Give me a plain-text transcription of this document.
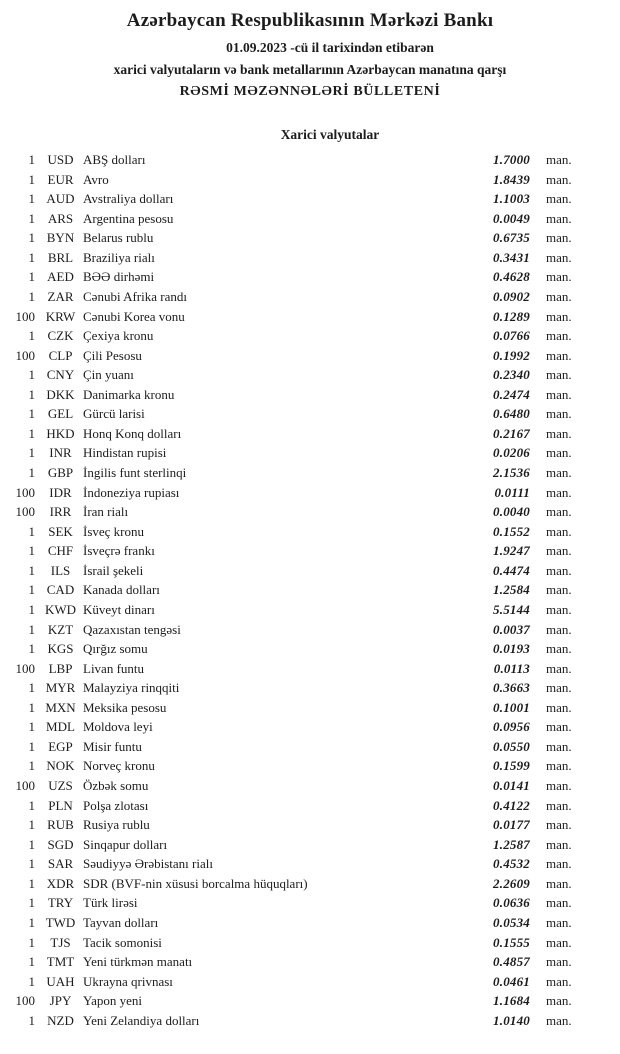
Azərbaycan Respublikasının Mərkəzi Bankı
01.09.2023 -cü il tarixindən etibarən
xarici valyutaların və bank metallarının Azərbaycan manatına qarşı
RƏSMİ MƏZƏNNƏLƏRİ BÜLLETENİ
Xarici valyutalar
1 USD ABŞ dolları	1.7000 man.
1 EUR Avro	1.8439 man.
1 AUD Avstraliya dolları	1.1003 man.
1 ARS Argentina pesosu	0.0049 man.
1 BYN Belarus rublu	0.6735 man.
1 BRL Braziliya rialı	0.3431 man.
1 AED BƏƏ dirhəmi	0.4628 man.
1 ZAR Cənubi Afrika randı	0.0902 man.
100 KRW Cənubi Korea vonu	0.1289 man.
1 CZK Çexiya kronu	0.0766 man.
100	CLP Çili Pesosu	0.1992 man.
1 CNY Çin yuanı	0.2340 man.
1 DKK Danimarka kronu	0.2474 man.
1 GEL Gürcü larisi	0.6480 man.
1 HKD Honq Konq dolları	0.2167 man.
1	INR Hindistan rupisi	0.0206 man.
1 GBP İngilis funt sterlinqi	2.1536 man.
100	IDR İndoneziya rupiası	0.0111 man.
100	IRR İran rialı	0.0040 man.
1	SEK İsveç kronu	0.1552 man.
1 CHF İsveçrə frankı	1.9247 man.
1	ILS İsrail şekeli	0.4474 man.
1 CAD Kanada dolları	1.2584 man.
1 KWD Küveyt dinarı	5.5144 man.
1 KZT Qazaxıstan tengəsi	0.0037 man.
1 KGS Qırğız somu	0.0193 man.
100	LBP Livan funtu	0.0113 man.
1 MYR Malayziya rinqqiti	0.3663 man.
1 MXN Meksika pesosu	0.1001 man.
1 MDL Moldova leyi	0.0956 man.
1	EGP Misir funtu	0.0550 man.
1 NOK Norveç kronu	0.1599 man.
100	UZS Özbək somu	0.0141 man.
1	PLN Polşa zlotası	0.4122 man.
1 RUB Rusiya rublu	0.0177 man.
1 SGD Sinqapur dolları	1.2587 man.
1 SAR Səudiyyə Ərəbistanı rialı	0.4532 man.
1 XDR SDR (BVF-nin xüsusi borcalma hüquqları)	2.2609 man.
1 TRY Türk lirəsi	0.0636 man.
1 TWD Tayvan dolları	0.0534 man.
1	TJS Tacik somonisi	0.1555 man.
1 TMT Yeni türkmən manatı	0.4857 man.
1 UAH Ukrayna qrivnası	0.0461 man.
100	JPY Yapon yeni	1.1684 man.
1 NZD Yeni Zelandiya dolları	1.0140 man.
